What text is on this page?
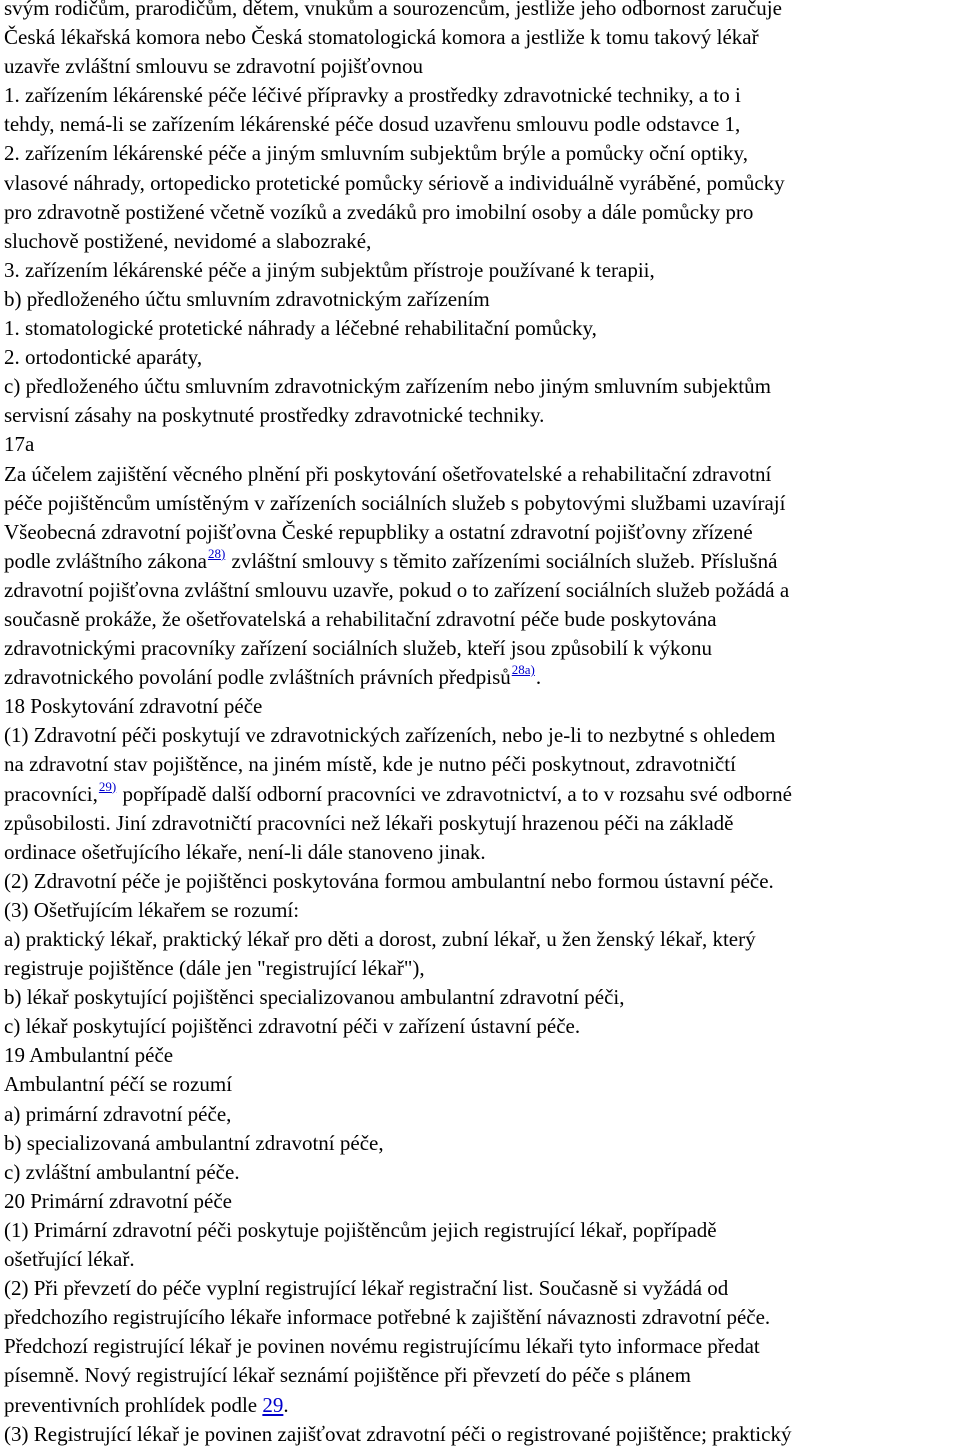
svým rodičům, prarodičům, dětem, vnukům a sourozencům, jestliže jeho odbornost zaručuje
Česká lékařská komora nebo Česká stomatologická komora a jestliže k tomu takový lékař
uzavře zvláštní smlouvu se zdravotní pojišťovnou
1. zařízením lékárenské péče léčivé přípravky a prostředky zdravotnické techniky, a to i
tehdy, nemá-li se zařízením lékárenské péče dosud uzavřenu smlouvu podle odstavce 1,
2. zařízením lékárenské péče a jiným smluvním subjektům brýle a pomůcky oční optiky,
vlasové náhrady, ortopedicko protetické pomůcky sériově a individuálně vyráběné, pomůcky
pro zdravotně postižené včetně vozíků a zvedáků pro imobilní osoby a dále pomůcky pro
sluchově postižené, nevidomé a slabozraké,
3. zařízením lékárenské péče a jiným subjektům přístroje používané k terapii,
b) předloženého účtu smluvním zdravotnickým zařízením
1. stomatologické protetické náhrady a léčebné rehabilitační pomůcky,
2. ortodontické aparáty,
c) předloženého účtu smluvním zdravotnickým zařízením nebo jiným smluvním subjektům
servisní zásahy na poskytnuté prostředky zdravotnické techniky.
17a
Za účelem zajištění věcného plnění při poskytování ošetřovatelské a rehabilitační zdravotní
péče pojištěncům umístěným v zařízeních sociálních služeb s pobytovými službami uzavírají
Všeobecná zdravotní pojišťovna České repupbliky a ostatní zdravotní pojišťovny zřízené
podle zvláštního zákona$^{28)}$ zvláštní smlouvy s těmito zařízeními sociálních služeb. Příslušná
zdravotní pojišťovna zvláštní smlouvu uzavře, pokud o to zařízení sociálních služeb požádá a
současně prokáže, že ošetřovatelská a rehabilitační zdravotní péče bude poskytována
zdravotnickými pracovníky zařízení sociálních služeb, kteří jsou způsobilí k výkonu
zdravotnického povolání podle zvláštních právních předpisů$^{28a)}$.
18 Poskytování zdravotní péče
(1) Zdravotní péči poskytují ve zdravotnických zařízeních, nebo je-li to nezbytné s ohledem
na zdravotní stav pojištěnce, na jiném místě, kde je nutno péči poskytnout, zdravotničtí
pracovníci,$^{29)}$ popřípadě další odborní pracovníci ve zdravotnictví, a to v rozsahu své odborné
způsobilosti. Jiní zdravotničtí pracovníci než lékaři poskytují hrazenou péči na základě
ordinace ošetřujícího lékaře, není-li dále stanoveno jinak.
(2) Zdravotní péče je pojištěnci poskytována formou ambulantní nebo formou ústavní péče.
(3) Ošetřujícím lékařem se rozumí:
a) praktický lékař, praktický lékař pro děti a dorost, zubní lékař, u žen ženský lékař, který
registruje pojištěnce (dále jen "registrující lékař"),
b) lékař poskytující pojištěnci specializovanou ambulantní zdravotní péči,
c) lékař poskytující pojištěnci zdravotní péči v zařízení ústavní péče.
19 Ambulantní péče
Ambulantní péčí se rozumí
a) primární zdravotní péče,
b) specializovaná ambulantní zdravotní péče,
c) zvláštní ambulantní péče.
20 Primární zdravotní péče
(1) Primární zdravotní péči poskytuje pojištěncům jejich registrující lékař, popřípadě
ošetřující lékař.
(2) Při převzetí do péče vyplní registrující lékař registrační list. Současně si vyžádá od
předchozího registrujícího lékaře informace potřebné k zajištění návaznosti zdravotní péče.
Předchozí registrující lékař je povinen novému registrujícímu lékaři tyto informace předat
písemně. Nový registrující lékař seznámí pojištěnce při převzetí do péče s plánem
preventivních prohlídek podle 29.
(3) Registrující lékař je povinen zajišťovat zdravotní péči o registrované pojištěnce; praktický
